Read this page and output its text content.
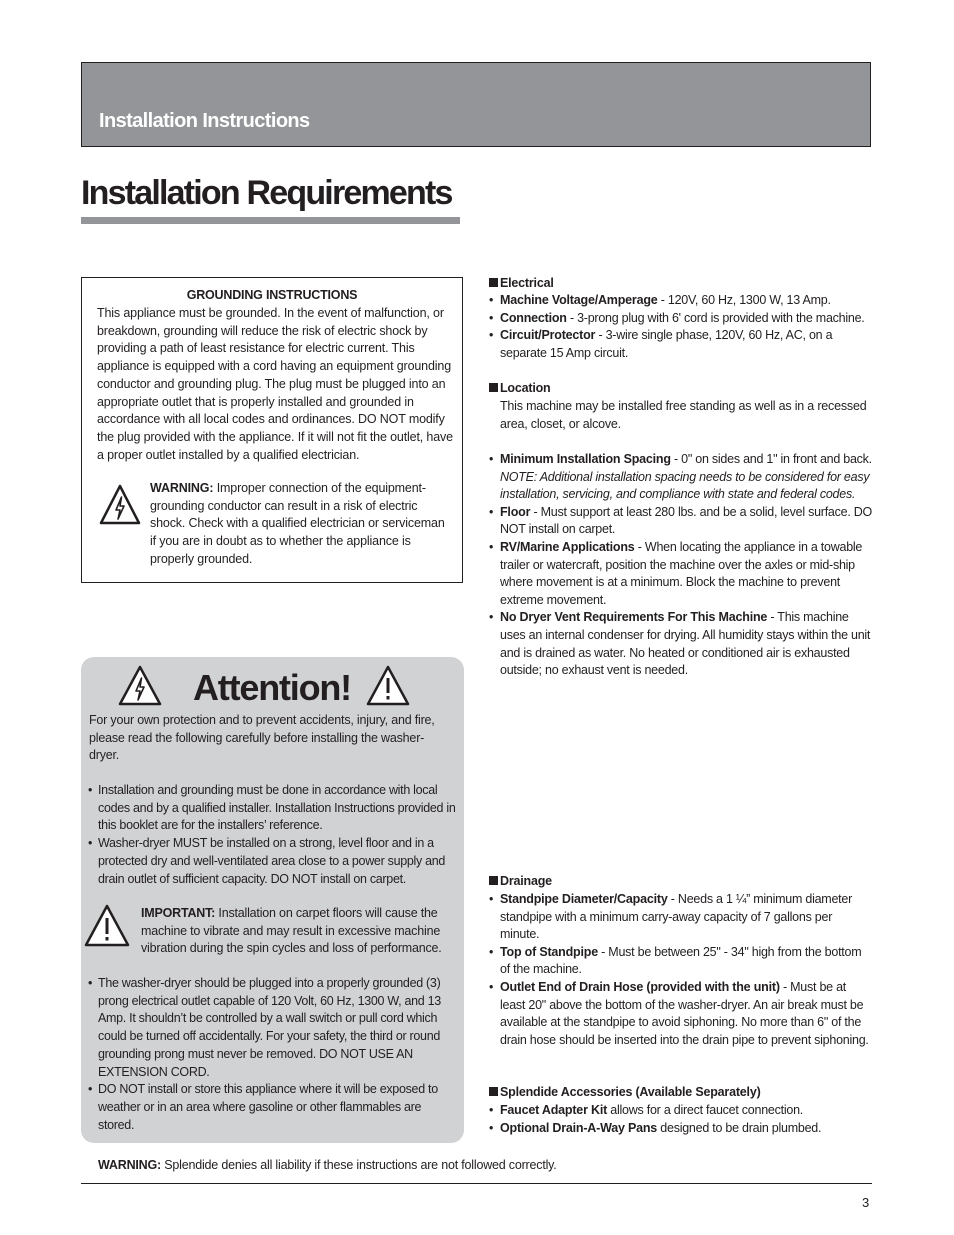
Installation Instructions
Installation Requirements
GROUNDING INSTRUCTIONS
This appliance must be grounded. In the event of malfunction, or breakdown, grounding will reduce the risk of electric shock by providing a path of least resistance for electric current. This appliance is equipped with a cord having an equipment grounding conductor and grounding plug. The plug must be plugged into an appropriate outlet that is properly installed and grounded in accordance with all local codes and ordinances. DO NOT modify the plug provided with the appliance. If it will not fit the outlet, have a proper outlet installed by a qualified electrician.
WARNING: Improper connection of the equipment-grounding conductor can result in a risk of electric shock. Check with a qualified electrician or serviceman if you are in doubt as to whether the appliance is properly grounded.
Attention!
For your own protection and to prevent accidents, injury, and fire, please read the following carefully before installing the washer-dryer.
• Installation and grounding must be done in accordance with local codes and by a qualified installer. Installation Instructions provided in this booklet are for the installers’ reference.
• Washer-dryer MUST be installed on a strong, level floor and in a protected dry and well-ventilated area close to a power supply and drain outlet of sufficient capacity. DO NOT install on carpet.
IMPORTANT: Installation on carpet floors will cause the machine to vibrate and may result in excessive machine vibration during the spin cycles and loss of performance.
• The washer-dryer should be plugged into a properly grounded (3) prong electrical outlet capable of 120 Volt, 60 Hz, 1300 W, and 13 Amp. It shouldn’t be controlled by a wall switch or pull cord which could be turned off accidentally. For your safety, the third or round grounding prong must never be removed. DO NOT USE AN EXTENSION CORD.
• DO NOT install or store this appliance where it will be exposed to weather or in an area where gasoline or other flammables are stored.
Electrical
• Machine Voltage/Amperage - 120V, 60 Hz, 1300 W, 13 Amp.
• Connection - 3-prong plug with 6' cord is provided with the machine.
• Circuit/Protector - 3-wire single phase, 120V, 60 Hz, AC, on a separate 15 Amp circuit.
Location
This machine may be installed free standing as well as in a recessed area, closet, or alcove.
• Minimum Installation Spacing - 0" on sides and 1" in front and back.
NOTE: Additional installation spacing needs to be considered for easy installation, servicing, and compliance with state and federal codes.
• Floor - Must support at least 280 lbs. and be a solid, level surface. DO NOT install on carpet.
• RV/Marine Applications - When locating the appliance in a towable trailer or watercraft, position the machine over the axles or mid-ship where movement is at a minimum. Block the machine to prevent extreme movement.
• No Dryer Vent Requirements For This Machine - This machine uses an internal condenser for drying. All humidity stays within the unit and is drained as water. No heated or conditioned air is exhausted outside; no exhaust vent is needed.
Drainage
• Standpipe Diameter/Capacity - Needs a 1 ¼” minimum diameter standpipe with a minimum carry-away capacity of 7 gallons per minute.
• Top of Standpipe - Must be between 25" - 34" high from the bottom of the machine.
• Outlet End of Drain Hose (provided with the unit) - Must be at least 20" above the bottom of the washer-dryer. An air break must be available at the standpipe to avoid siphoning. No more than 6" of the drain hose should be inserted into the drain pipe to prevent siphoning.
Splendide Accessories (Available Separately)
• Faucet Adapter Kit allows for a direct faucet connection.
• Optional Drain-A-Way Pans designed to be drain plumbed.
WARNING: Splendide denies all liability if these instructions are not followed correctly.
3
